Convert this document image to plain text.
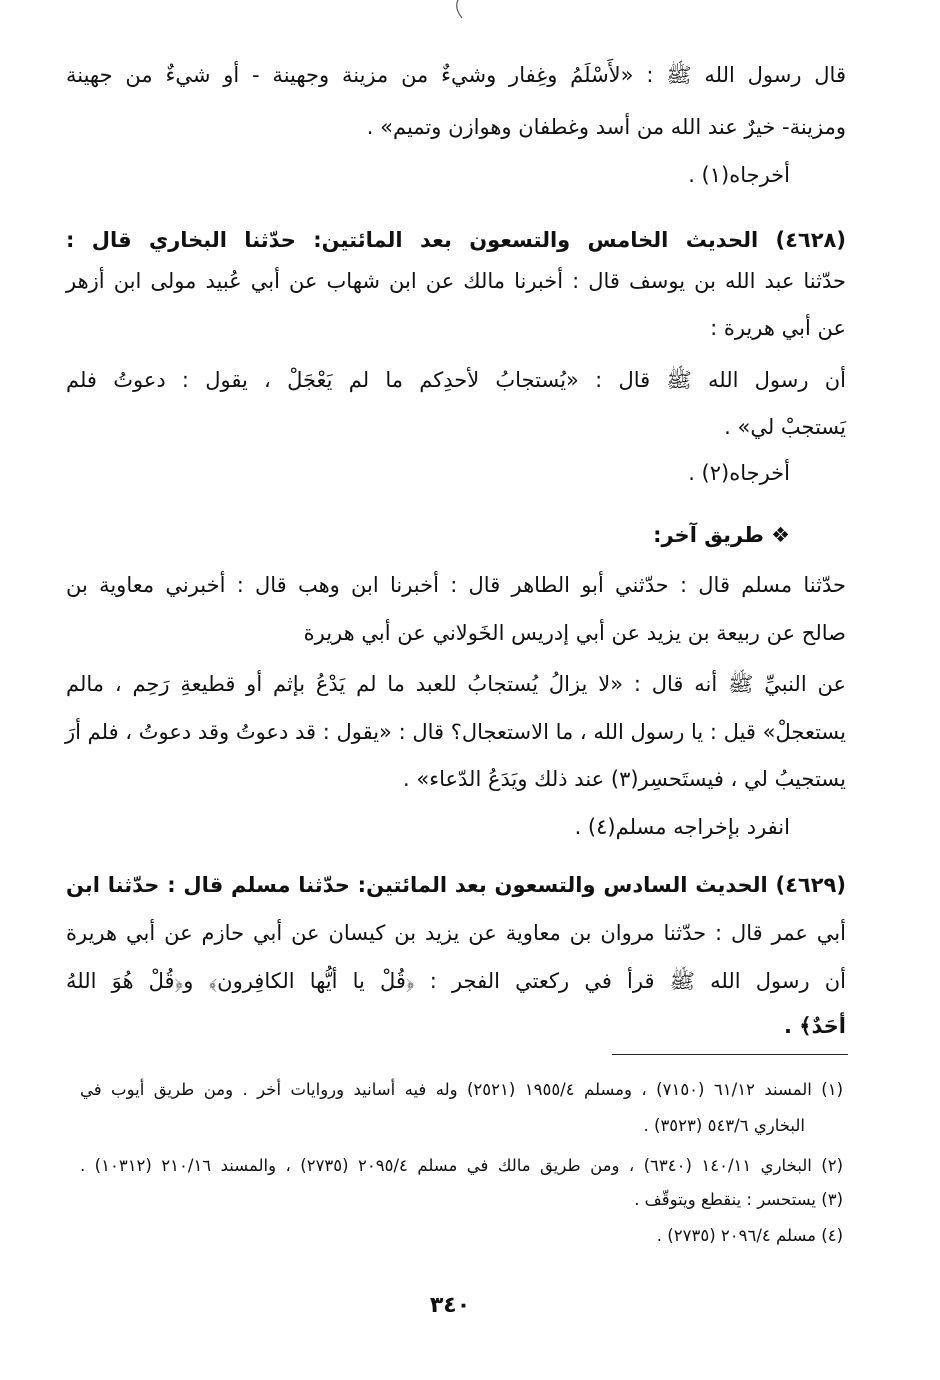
قال رسول الله ﷺ : «لأَسْلَمُ وغِفار وشيءٌ من مزينة وجهينة - أو شيءٌ من جهينة
ومزينة- خيرٌ عند الله من أسد وغطفان وهوازن وتميم» .
أخرجاه(١) .
(٤٦٢٨) الحديث الخامس والتسعون بعد المائتين: حدّثنا البخاري قال :
حدّثنا عبد الله بن يوسف قال : أخبرنا مالك عن ابن شهاب عن أبي عُبيد مولى ابن أزهر
عن أبي هريرة :
أن رسول الله ﷺ قال : «يُستجابُ لأحدِكم ما لم يَعْجَلْ ، يقول : دعوتُ فلم
يَستجبْ لي» .
أخرجاه(٢) .
❖ طريق آخر:
حدّثنا مسلم قال : حدّثني أبو الطاهر قال : أخبرنا ابن وهب قال : أخبرني معاوية بن
صالح عن ربيعة بن يزيد عن أبي إدريس الخَولاني عن أبي هريرة
عن النبيِّ ﷺ أنه قال : «لا يزالُ يُستجابُ للعبد ما لم يَدْعُ بإثم أو قطيعةِ رَحِم ، مالم
يستعجلْ» قيل : يا رسول الله ، ما الاستعجال؟ قال : «يقول : قد دعوتُ وقد دعوتُ ، فلم أرَ
يستجيبُ لي ، فيستَحسِر(٣) عند ذلك ويَدَعُ الدّعاء» .
انفرد بإخراجه مسلم(٤) .
(٤٦٢٩) الحديث السادس والتسعون بعد المائتين: حدّثنا مسلم قال : حدّثنا ابن
أبي عمر قال : حدّثنا مروان بن معاوية عن يزيد بن كيسان عن أبي حازم عن أبي هريرة
أن رسول الله ﷺ قرأ في ركعتي الفجر : ﴿قُلْ يا أيُّها الكافِرون﴾ و﴿قُلْ هُوَ اللهُ
أحَدٌ﴾ .
(١) المسند ٦١/١٢ (٧١٥٠) ، ومسلم ١٩٥٥/٤ (٢٥٢١) وله فيه أسانيد وروايات أخر . ومن طريق أيوب في
البخاري ٥٤٣/٦ (٣٥٢٣) .
(٢) البخاري ١٤٠/١١ (٦٣٤٠) ، ومن طريق مالك في مسلم ٢٠٩٥/٤ (٢٧٣٥) ، والمسند ٢١٠/١٦ (١٠٣١٢) .
(٣) يستحسر : ينقطع ويتوقّف .
(٤) مسلم ٢٠٩٦/٤ (٢٧٣٥) .
٣٤٠
